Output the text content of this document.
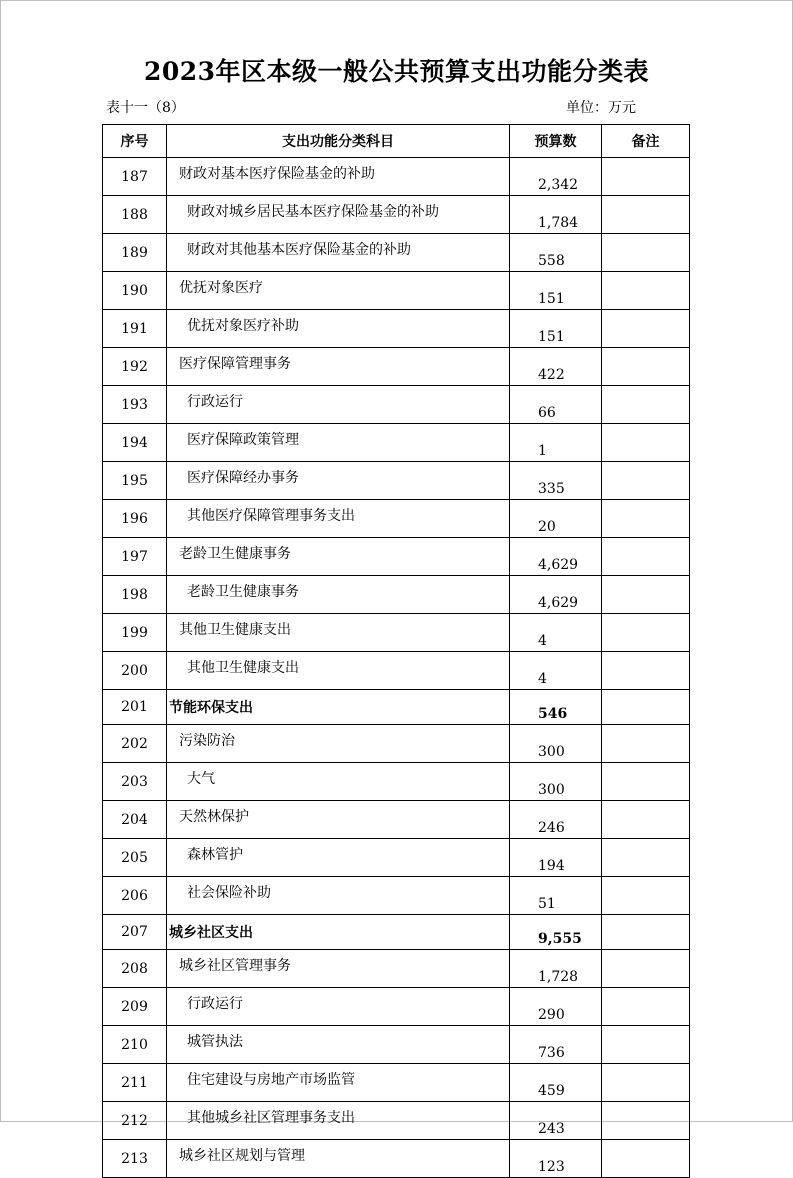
2023年区本级一般公共预算支出功能分类表
表十一（8）	单位：万元
序号	支出功能分类科目	预算数	备注
187	财政对基本医疗保险基金的补助	2,342	
188	财政对城乡居民基本医疗保险基金的补助	1,784	
189	财政对其他基本医疗保险基金的补助	558	
190	优抚对象医疗	151	
191	优抚对象医疗补助	151	
192	医疗保障管理事务	422	
193	行政运行	66	
194	医疗保障政策管理	1	
195	医疗保障经办事务	335	
196	其他医疗保障管理事务支出	20	
197	老龄卫生健康事务	4,629	
198	老龄卫生健康事务	4,629	
199	其他卫生健康支出	4	
200	其他卫生健康支出	4	
201	节能环保支出	546	
202	污染防治	300	
203	大气	300	
204	天然林保护	246	
205	森林管护	194	
206	社会保险补助	51	
207	城乡社区支出	9,555	
208	城乡社区管理事务	1,728	
209	行政运行	290	
210	城管执法	736	
211	住宅建设与房地产市场监管	459	
212	其他城乡社区管理事务支出	243	
213	城乡社区规划与管理	123	
